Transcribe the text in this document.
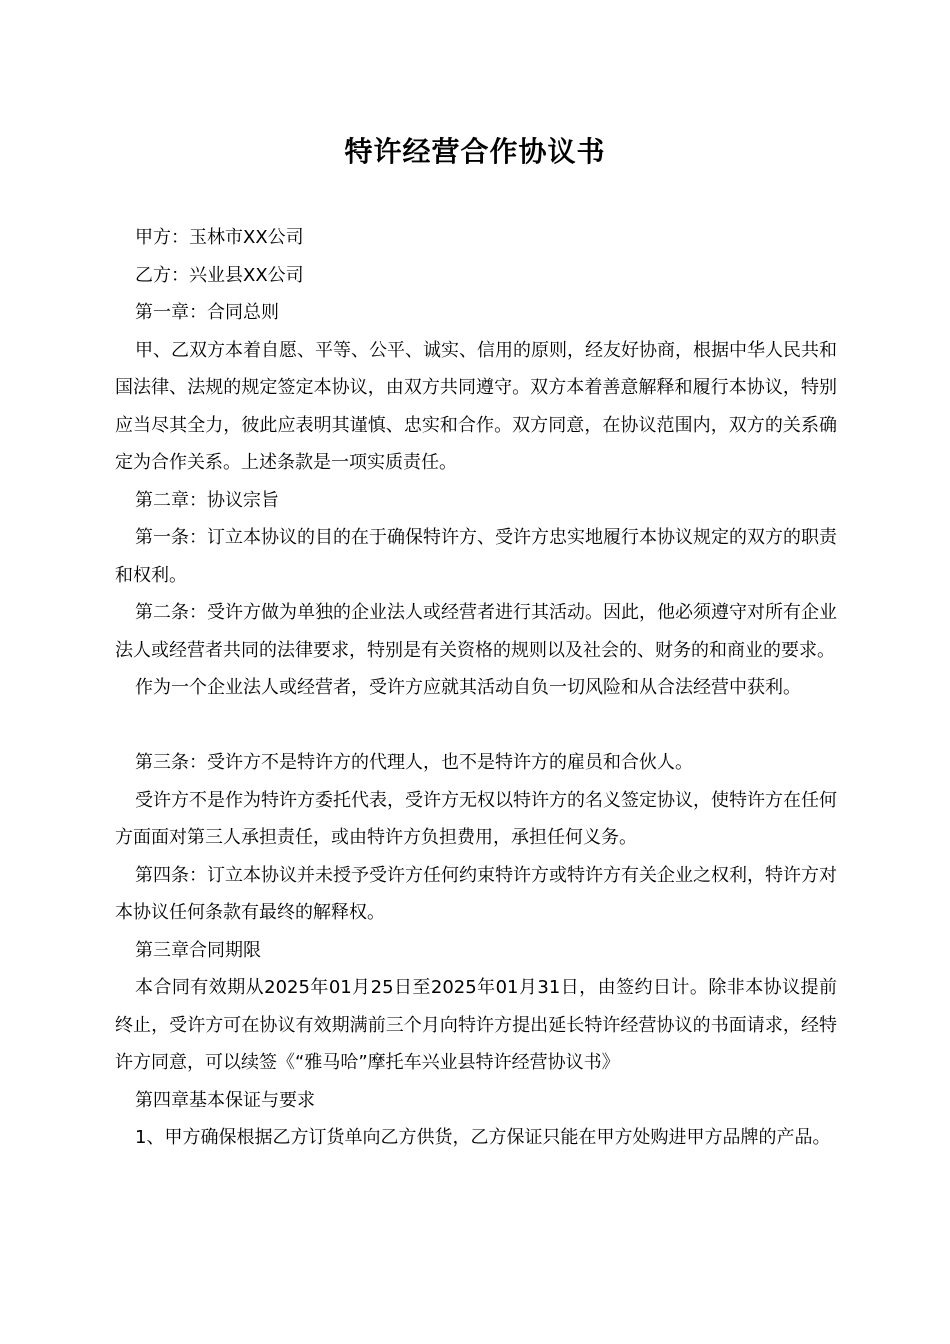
特许经营合作协议书

甲方：玉林市XX公司

乙方：兴业县XX公司

第一章：合同总则

甲、乙双方本着自愿、平等、公平、诚实、信用的原则，经友好协商，根据中华人民共和国法律、法规的规定签定本协议，由双方共同遵守。双方本着善意解释和履行本协议，特别应当尽其全力，彼此应表明其谨慎、忠实和合作。双方同意，在协议范围内，双方的关系确定为合作关系。上述条款是一项实质责任。

第二章：协议宗旨

第一条：订立本协议的目的在于确保特许方、受许方忠实地履行本协议规定的双方的职责和权利。

第二条：受许方做为单独的企业法人或经营者进行其活动。因此，他必须遵守对所有企业法人或经营者共同的法律要求，特别是有关资格的规则以及社会的、财务的和商业的要求。

作为一个企业法人或经营者，受许方应就其活动自负一切风险和从合法经营中获利。

第三条：受许方不是特许方的代理人，也不是特许方的雇员和合伙人。

受许方不是作为特许方委托代表，受许方无权以特许方的名义签定协议，使特许方在任何方面面对第三人承担责任，或由特许方负担费用，承担任何义务。

第四条：订立本协议并未授予受许方任何约束特许方或特许方有关企业之权利，特许方对本协议任何条款有最终的解释权。

第三章合同期限

本合同有效期从2025年01月25日至2025年01月31日，由签约日计。除非本协议提前终止，受许方可在协议有效期满前三个月向特许方提出延长特许经营协议的书面请求，经特许方同意，可以续签《“雅马哈”摩托车兴业县特许经营协议书》

第四章基本保证与要求

1、甲方确保根据乙方订货单向乙方供货，乙方保证只能在甲方处购进甲方品牌的产品。
